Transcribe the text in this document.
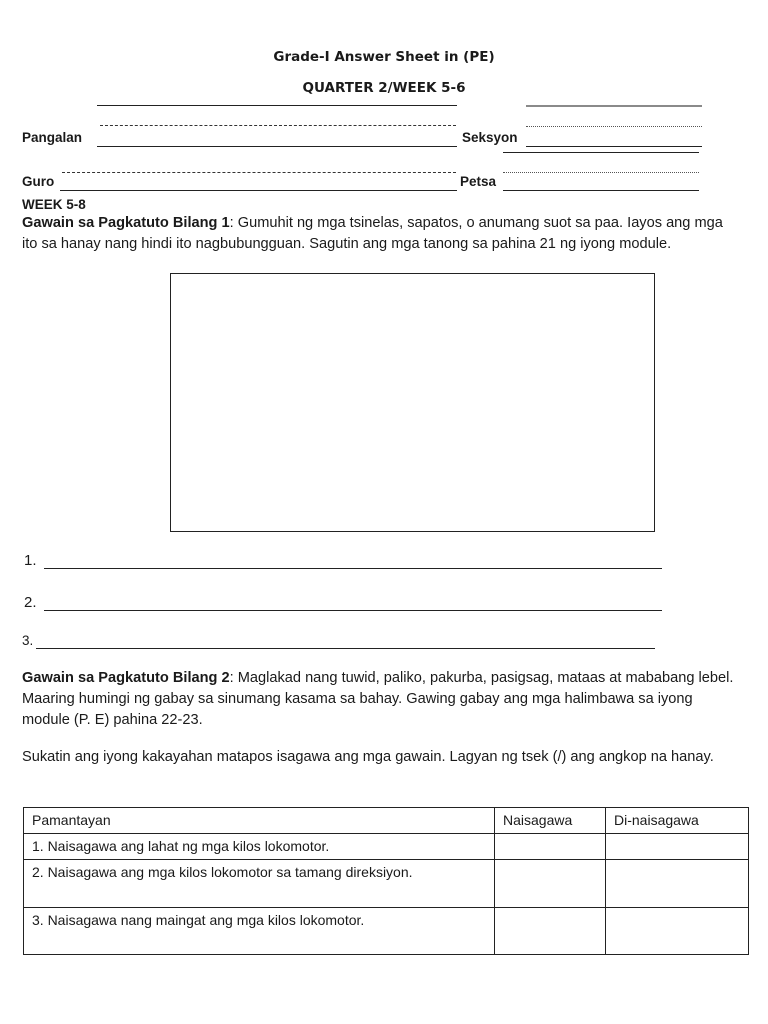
Grade-I Answer Sheet in (PE)
QUARTER 2/WEEK 5-6
Pangalan	Seksyon
Guro	Petsa
WEEK 5-8
Gawain sa Pagkatuto Bilang 1: Gumuhit ng mga tsinelas, sapatos, o anumang suot sa paa. Iayos ang mga ito sa hanay nang hindi ito nagbubungguan. Sagutin ang mga tanong sa pahina 21 ng iyong module.
1.
2.
3.
Gawain sa Pagkatuto Bilang 2: Maglakad nang tuwid, paliko, pakurba, pasigsag, mataas at mababang lebel. Maaring humingi ng gabay sa sinumang kasama sa bahay. Gawing gabay ang mga halimbawa sa iyong module (P. E) pahina 22-23.
Sukatin ang iyong kakayahan matapos isagawa ang mga gawain. Lagyan ng tsek (/) ang angkop na hanay.
Pamantayan	Naisagawa	Di-naisagawa
1. Naisagawa ang lahat ng mga kilos lokomotor.		
2. Naisagawa ang mga kilos lokomotor sa tamang direksiyon.		
3. Naisagawa nang maingat ang mga kilos lokomotor.		
